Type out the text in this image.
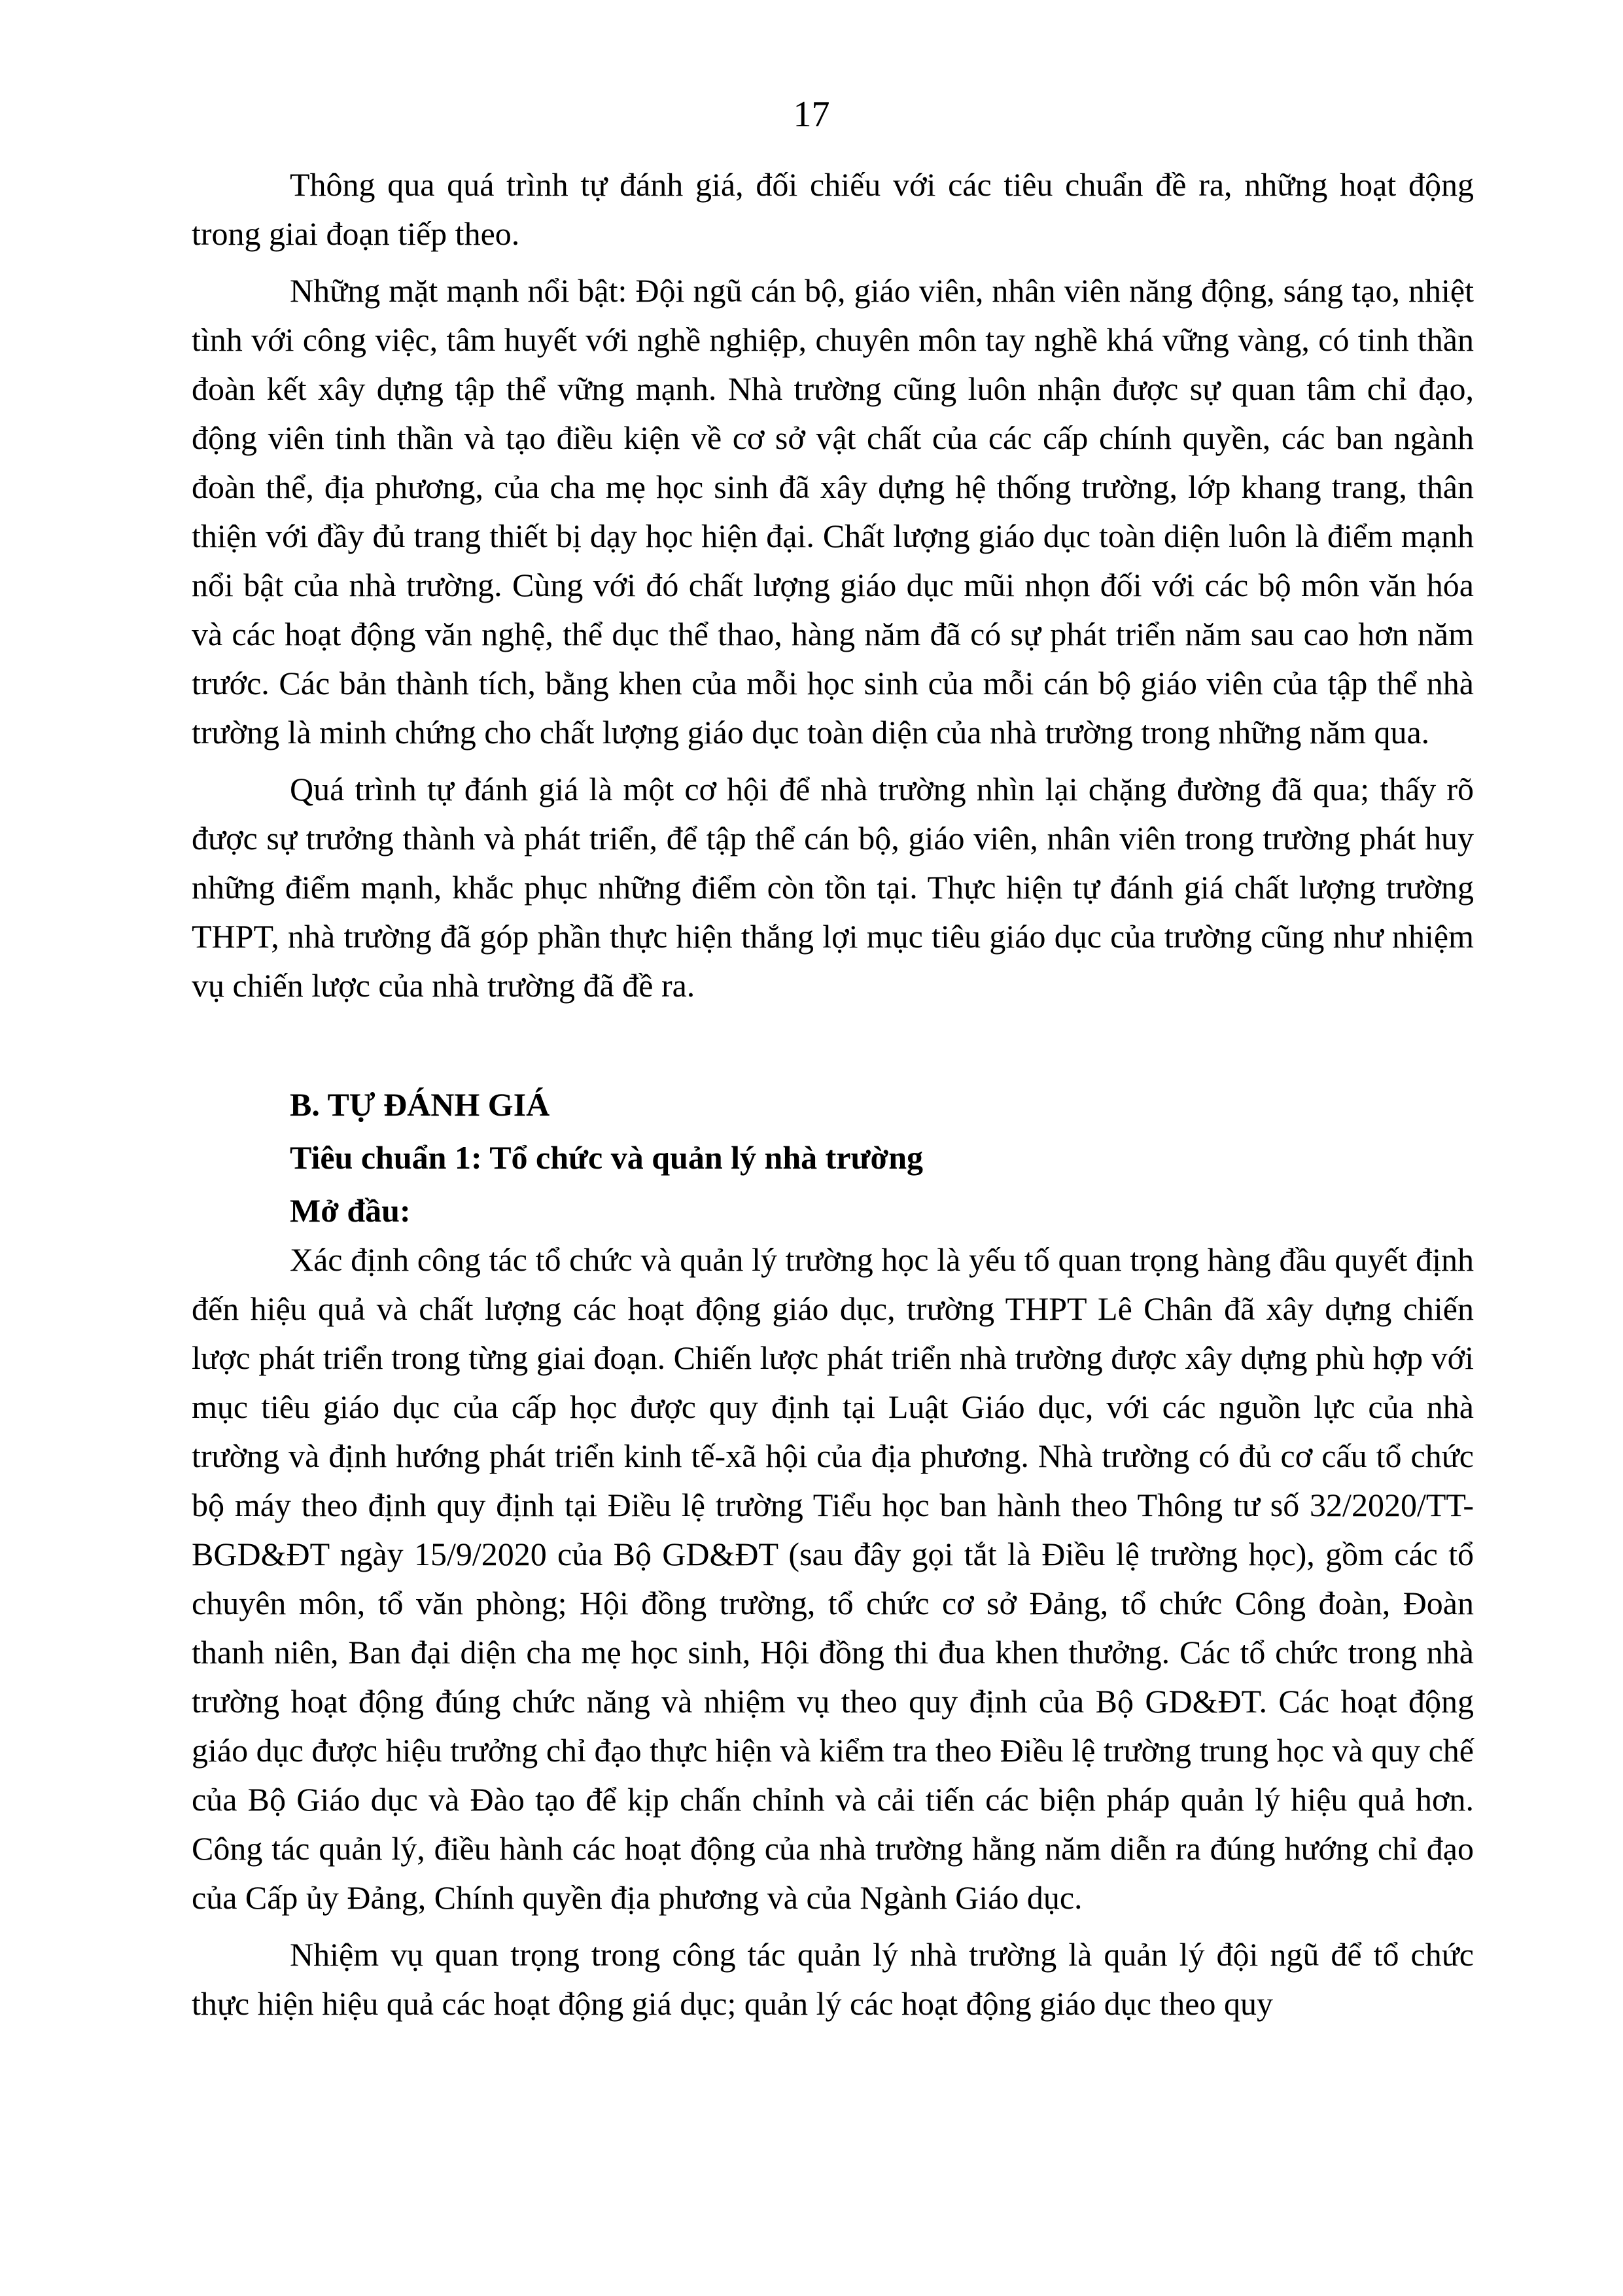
17

Thông qua quá trình tự đánh giá, đối chiếu với các tiêu chuẩn đề ra, những hoạt động trong giai đoạn tiếp theo.

Những mặt mạnh nổi bật: Đội ngũ cán bộ, giáo viên, nhân viên năng động, sáng tạo, nhiệt tình với công việc, tâm huyết với nghề nghiệp, chuyên môn tay nghề khá vững vàng, có tinh thần đoàn kết xây dựng tập thể vững mạnh. Nhà trường cũng luôn nhận được sự quan tâm chỉ đạo, động viên tinh thần và tạo điều kiện về cơ sở vật chất của các cấp chính quyền, các ban ngành đoàn thể, địa phương, của cha mẹ học sinh đã xây dựng hệ thống trường, lớp khang trang, thân thiện với đầy đủ trang thiết bị dạy học hiện đại. Chất lượng giáo dục toàn diện luôn là điểm mạnh nổi bật của nhà trường. Cùng với đó chất lượng giáo dục mũi nhọn đối với các bộ môn văn hóa và các hoạt động văn nghệ, thể dục thể thao, hàng năm đã có sự phát triển năm sau cao hơn năm trước. Các bản thành tích, bằng khen của mỗi học sinh của mỗi cán bộ giáo viên của tập thể nhà trường là minh chứng cho chất lượng giáo dục toàn diện của nhà trường trong những năm qua.

Quá trình tự đánh giá là một cơ hội để nhà trường nhìn lại chặng đường đã qua; thấy rõ được sự trưởng thành và phát triển, để tập thể cán bộ, giáo viên, nhân viên trong trường phát huy những điểm mạnh, khắc phục những điểm còn tồn tại. Thực hiện tự đánh giá chất lượng trường THPT, nhà trường đã góp phần thực hiện thắng lợi mục tiêu giáo dục của trường cũng như nhiệm vụ chiến lược của nhà trường đã đề ra.

B. TỰ ĐÁNH GIÁ

Tiêu chuẩn 1: Tổ chức và quản lý nhà trường

Mở đầu:

Xác định công tác tổ chức và quản lý trường học là yếu tố quan trọng hàng đầu quyết định đến hiệu quả và chất lượng các hoạt động giáo dục, trường THPT Lê Chân đã xây dựng chiến lược phát triển trong từng giai đoạn. Chiến lược phát triển nhà trường được xây dựng phù hợp với mục tiêu giáo dục của cấp học được quy định tại Luật Giáo dục, với các nguồn lực của nhà trường và định hướng phát triển kinh tế-xã hội của địa phương. Nhà trường có đủ cơ cấu tổ chức bộ máy theo định quy định tại Điều lệ trường Tiểu học ban hành theo Thông tư số 32/2020/TT-BGD&ĐT ngày 15/9/2020 của Bộ GD&ĐT (sau đây gọi tắt là Điều lệ trường học), gồm các tổ chuyên môn, tổ văn phòng; Hội đồng trường, tổ chức cơ sở Đảng, tổ chức Công đoàn, Đoàn thanh niên, Ban đại diện cha mẹ học sinh, Hội đồng thi đua khen thưởng. Các tổ chức trong nhà trường hoạt động đúng chức năng và nhiệm vụ theo quy định của Bộ GD&ĐT. Các hoạt động giáo dục được hiệu trưởng chỉ đạo thực hiện và kiểm tra theo Điều lệ trường trung học và quy chế của Bộ Giáo dục và Đào tạo để kịp chấn chỉnh và cải tiến các biện pháp quản lý hiệu quả hơn. Công tác quản lý, điều hành các hoạt động của nhà trường hằng năm diễn ra đúng hướng chỉ đạo của Cấp ủy Đảng, Chính quyền địa phương và của Ngành Giáo dục.

Nhiệm vụ quan trọng trong công tác quản lý nhà trường là quản lý đội ngũ để tổ chức thực hiện hiệu quả các hoạt động giá dục; quản lý các hoạt động giáo dục theo quy
